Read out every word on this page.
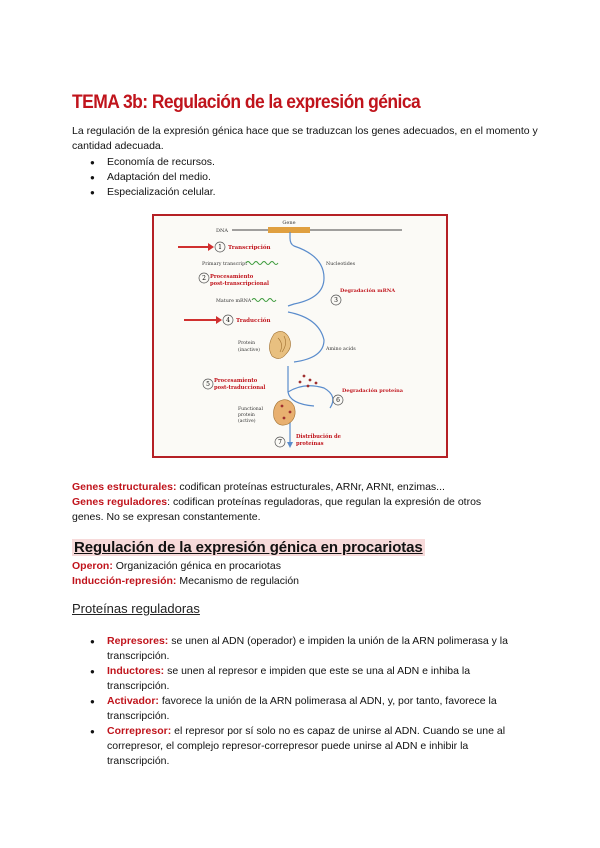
TEMA 3b: Regulación de la expresión génica
La regulación de la expresión génica hace que se traduzcan los genes adecuados, en el momento y cantidad adecuada.
● Economía de recursos.
● Adaptación del medio.
● Especialización celular.
Gene
DNA
1 Transcripción
Primary transcript	Nucleotides
2 Procesamiento
post-transcripcional
Degradación mRNA
3
Mature mRNA
4 Traducción
Protein
(inactive)	Amino acids
5 Procesamiento
post-traduccional	Degradación proteína
6
Functional
protein
(active)
7
Distribución de
proteínas
Genes estructurales: codifican proteínas estructurales, ARNr, ARNt, enzimas...
Genes reguladores: codifican proteínas reguladoras, que regulan la expresión de otros
genes. No se expresan constantemente.
Regulación de la expresión génica en procariotas
Operon: Organización génica en procariotas
Inducción-represión: Mecanismo de regulación
Proteínas reguladoras
● Represores: se unen al ADN (operador) e impiden la unión de la ARN polimerasa y la transcripción.
● Inductores: se unen al represor e impiden que este se una al ADN e inhiba la transcripción.
● Activador: favorece la unión de la ARN polimerasa al ADN, y, por tanto, favorece la transcripción.
● Correpresor: el represor por sí solo no es capaz de unirse al ADN. Cuando se une al correpresor, el complejo represor-correpresor puede unirse al ADN e inhibir la transcripción.
